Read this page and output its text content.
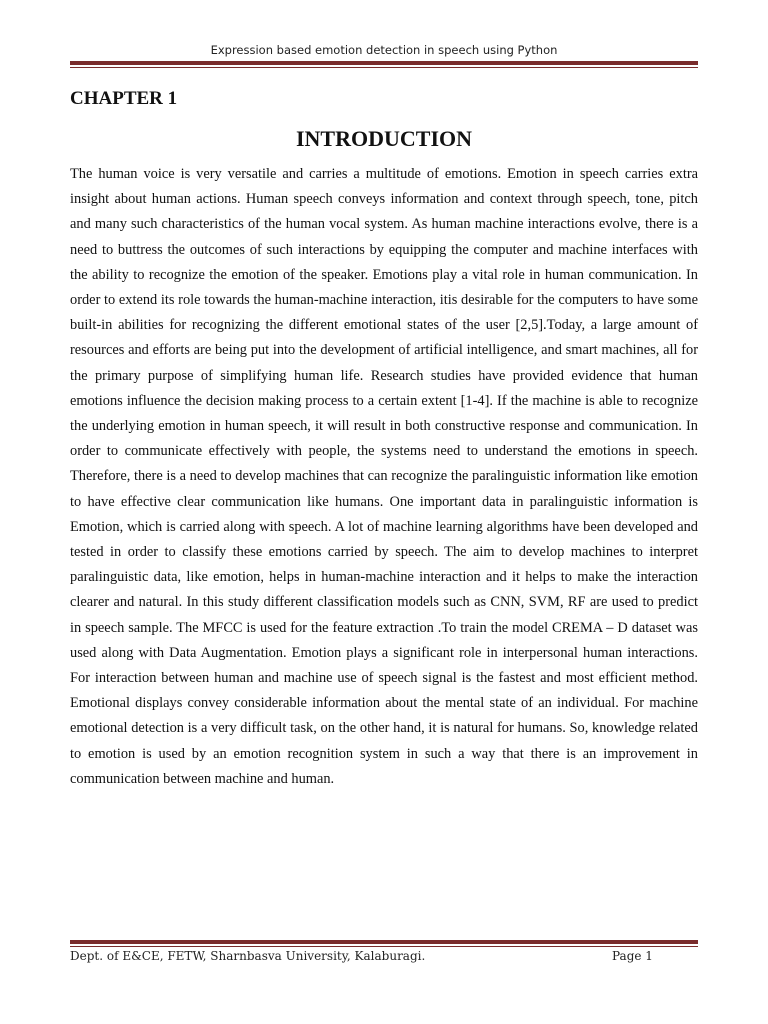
Expression based emotion detection in speech using Python
CHAPTER 1
INTRODUCTION

The human voice is very versatile and carries a multitude of emotions. Emotion in speech carries extra insight about human actions. Human speech conveys information and context through speech, tone, pitch and many such characteristics of the human vocal system. As human machine interactions evolve, there is a need to buttress the outcomes of such interactions by equipping the computer and machine interfaces with the ability to recognize the emotion of the speaker. Emotions play a vital role in human communication. In order to extend its role towards the human-machine interaction, itis desirable for the computers to have some built-in abilities for recognizing the different emotional states of the user [2,5].Today, a large amount of resources and efforts are being put into the development of artificial intelligence, and smart machines, all for the primary purpose of simplifying human life. Research studies have provided evidence that human emotions influence the decision making process to a certain extent [1-4]. If the machine is able to recognize the underlying emotion in human speech, it will result in both constructive response and communication. In order to communicate effectively with people, the systems need to understand the emotions in speech. Therefore, there is a need to develop machines that can recognize the paralinguistic information like emotion to have effective clear communication like humans. One important data in paralinguistic information is Emotion, which is carried along with speech. A lot of machine learning algorithms have been developed and tested in order to classify these emotions carried by speech. The aim to develop machines to interpret paralinguistic data, like emotion, helps in human-machine interaction and it helps to make the interaction clearer and natural. In this study different classification models such as CNN, SVM, RF are used to predict in speech sample. The MFCC is used for the feature extraction .To train the model CREMA – D dataset was used along with Data Augmentation. Emotion plays a significant role in interpersonal human interactions. For interaction between human and machine use of speech signal is the fastest and most efficient method. Emotional displays convey considerable information about the mental state of an individual. For machine emotional detection is a very difficult task, on the other hand, it is natural for humans. So, knowledge related to emotion is used by an emotion recognition system in such a way that there is an improvement in communication between machine and human.

Dept. of E&CE, FETW, Sharnbasva University, Kalaburagi.	Page 1
